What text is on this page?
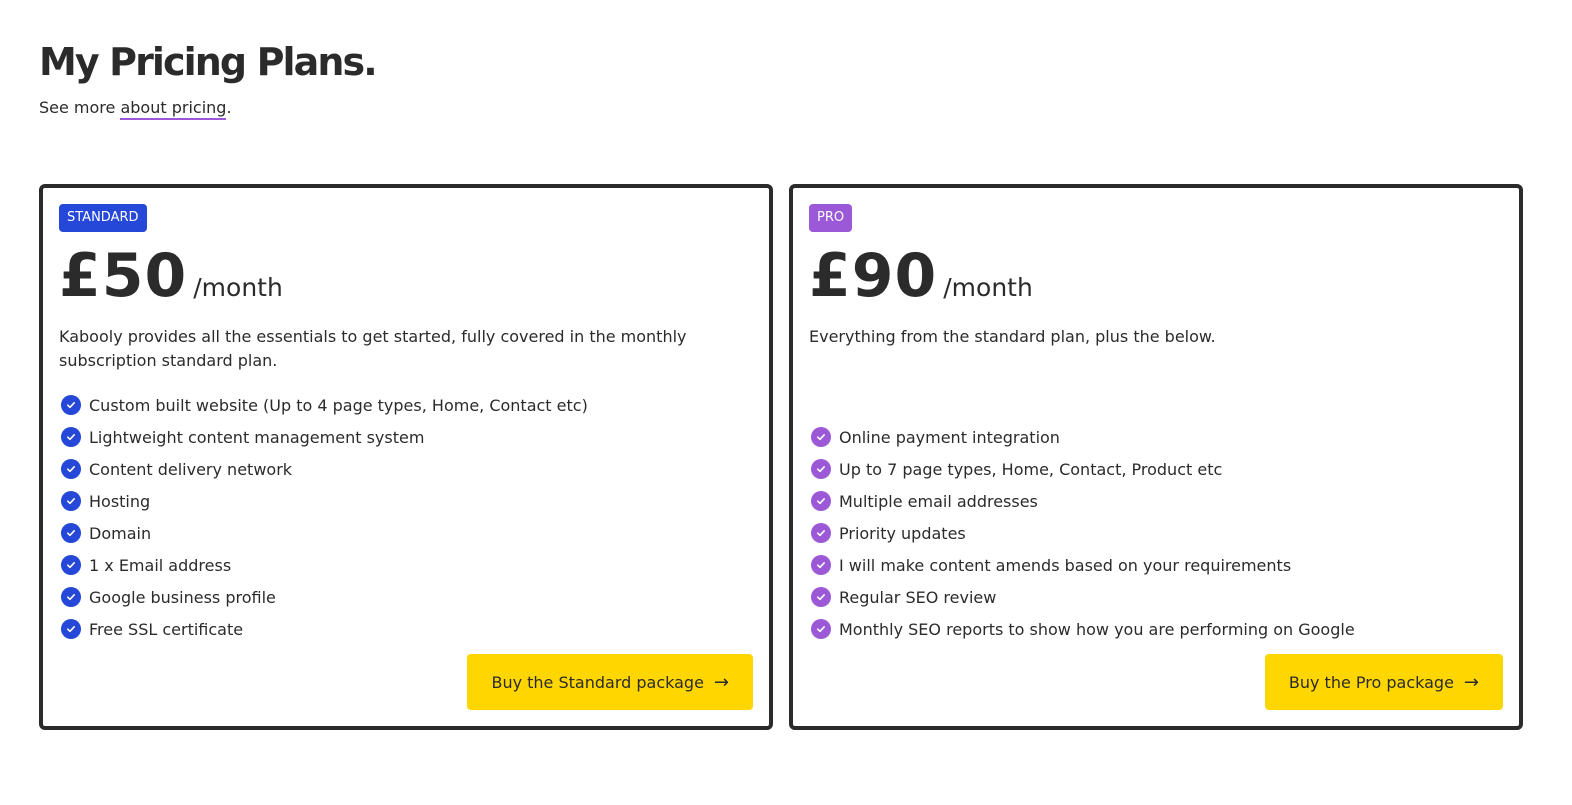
My Pricing Plans.

See more about pricing.

STANDARD
£50 /month

Kabooly provides all the essentials to get started, fully covered in the monthly subscription standard plan.

Custom built website (Up to 4 page types, Home, Contact etc)
Lightweight content management system
Content delivery network
Hosting
Domain
1 x Email address
Google business profile
Free SSL certificate
Buy the Standard package →
PRO
£90 /month

Everything from the standard plan, plus the below.

Online payment integration
Up to 7 page types, Home, Contact, Product etc
Multiple email addresses
Priority updates
I will make content amends based on your requirements
Regular SEO review
Monthly SEO reports to show how you are performing on Google
Buy the Pro package →
